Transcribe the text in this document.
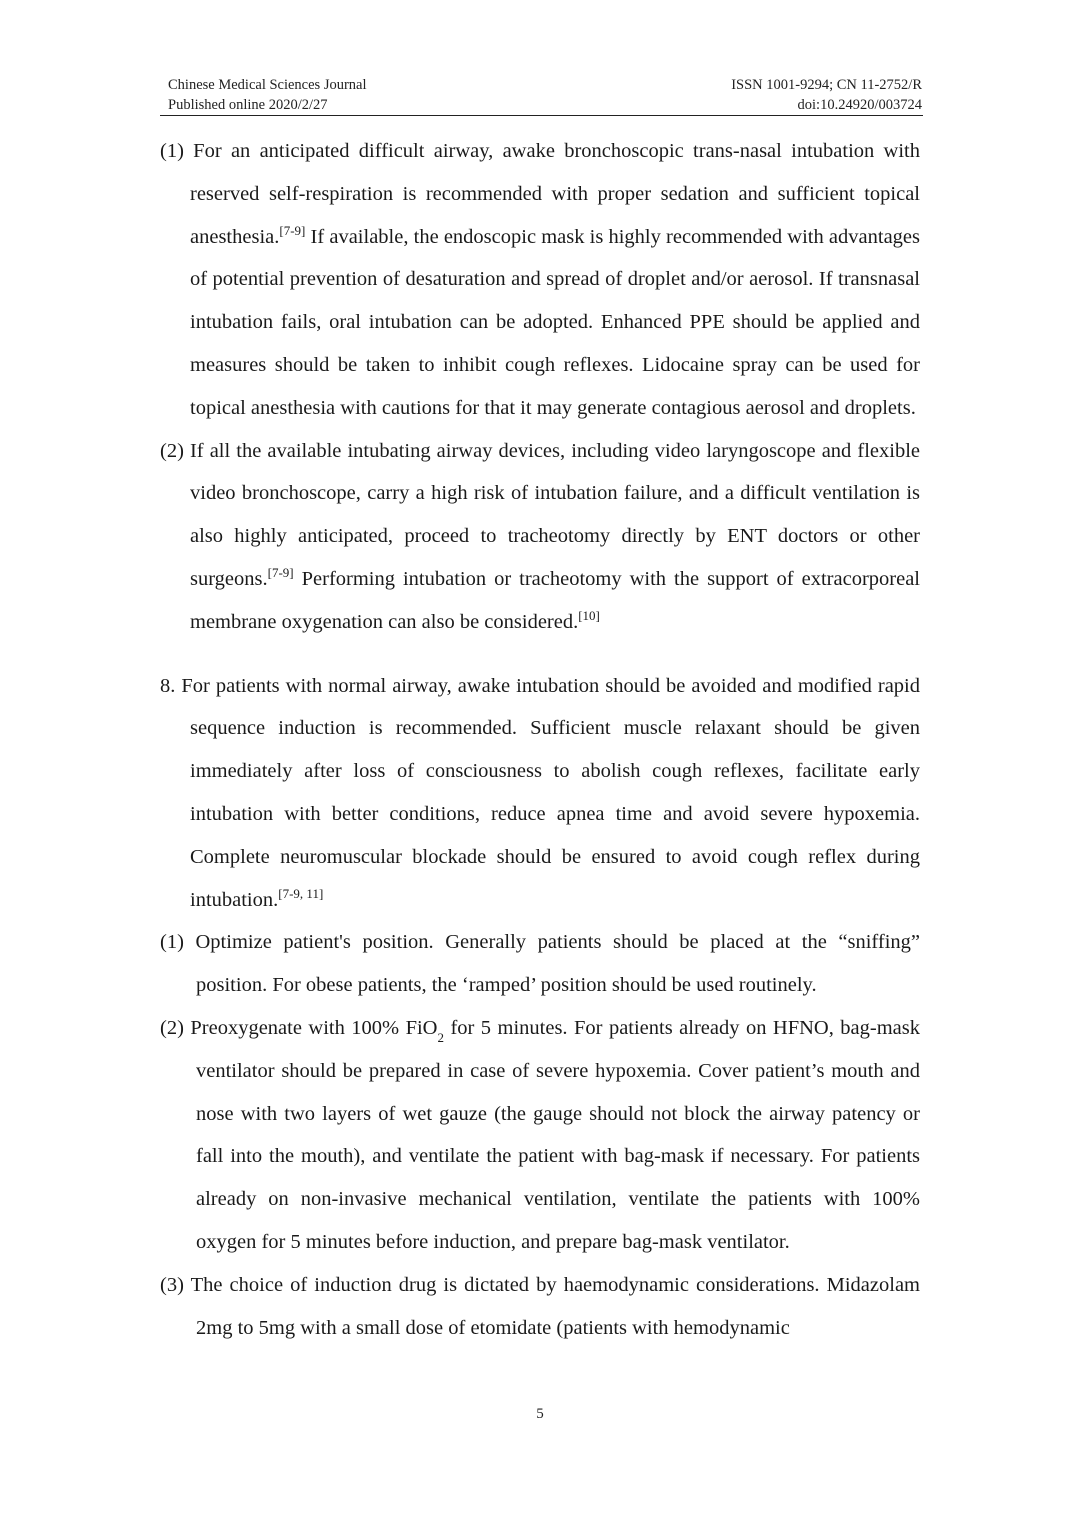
Chinese Medical Sciences Journal
Published online 2020/2/27
ISSN 1001-9294; CN 11-2752/R
doi:10.24920/003724

(1) For an anticipated difficult airway, awake bronchoscopic trans-nasal intubation with reserved self-respiration is recommended with proper sedation and sufficient topical anesthesia.[7-9] If available, the endoscopic mask is highly recommended with advantages of potential prevention of desaturation and spread of droplet and/or aerosol. If transnasal intubation fails, oral intubation can be adopted. Enhanced PPE should be applied and measures should be taken to inhibit cough reflexes. Lidocaine spray can be used for topical anesthesia with cautions for that it may generate contagious aerosol and droplets.

(2) If all the available intubating airway devices, including video laryngoscope and flexible video bronchoscope, carry a high risk of intubation failure, and a difficult ventilation is also highly anticipated, proceed to tracheotomy directly by ENT doctors or other surgeons.[7-9] Performing intubation or tracheotomy with the support of extracorporeal membrane oxygenation can also be considered.[10]

8. For patients with normal airway, awake intubation should be avoided and modified rapid sequence induction is recommended. Sufficient muscle relaxant should be given immediately after loss of consciousness to abolish cough reflexes, facilitate early intubation with better conditions, reduce apnea time and avoid severe hypoxemia. Complete neuromuscular blockade should be ensured to avoid cough reflex during intubation.[7-9, 11]

(1) Optimize patient's position. Generally patients should be placed at the “sniffing” position. For obese patients, the ‘ramped’ position should be used routinely.

(2) Preoxygenate with 100% FiO$_2$ for 5 minutes. For patients already on HFNO, bag-mask ventilator should be prepared in case of severe hypoxemia. Cover patient’s mouth and nose with two layers of wet gauze (the gauge should not block the airway patency or fall into the mouth), and ventilate the patient with bag-mask if necessary. For patients already on non-invasive mechanical ventilation, ventilate the patients with 100% oxygen for 5 minutes before induction, and prepare bag-mask ventilator.

(3) The choice of induction drug is dictated by haemodynamic considerations. Midazolam 2mg to 5mg with a small dose of etomidate (patients with hemodynamic

5
